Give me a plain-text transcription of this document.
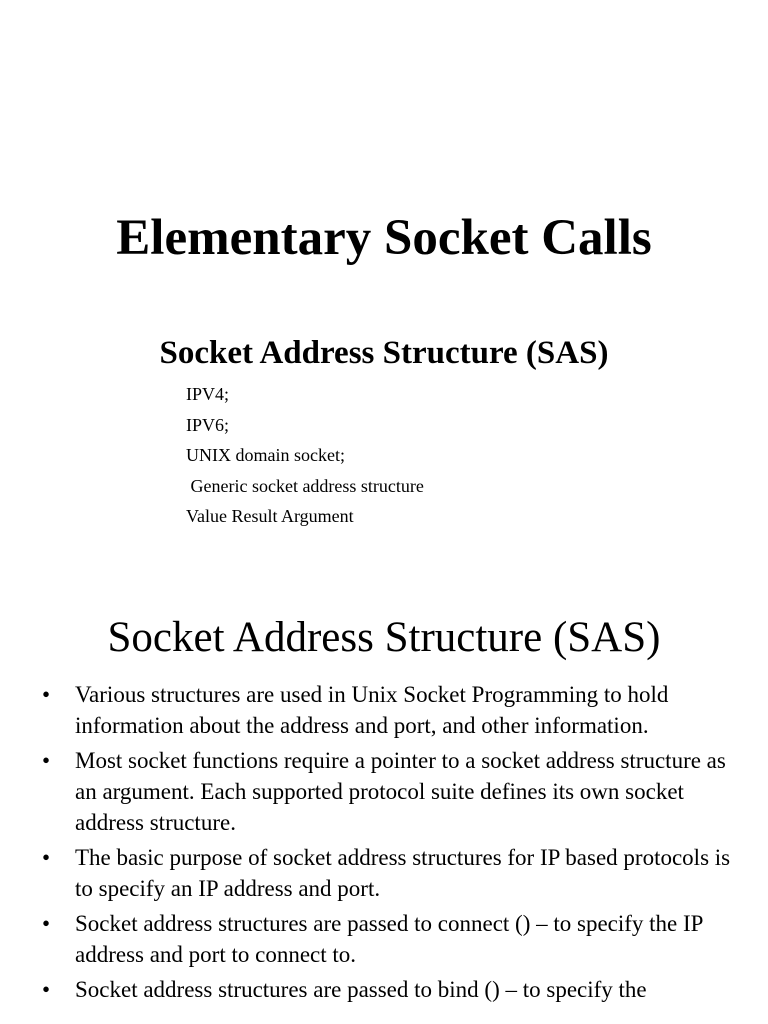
Elementary Socket Calls
Socket Address Structure (SAS)
IPV4;
IPV6;
UNIX domain socket;
Generic socket address structure
Value Result Argument
Socket Address Structure (SAS)
• Various structures are used in Unix Socket Programming to hold information about the address and port, and other information.
• Most socket functions require a pointer to a socket address structure as an argument. Each supported protocol suite defines its own socket address structure.
• The basic purpose of socket address structures for IP based protocols is to specify an IP address and port.
• Socket address structures are passed to connect () – to specify the IP address and port to connect to.
• Socket address structures are passed to bind () – to specify the
